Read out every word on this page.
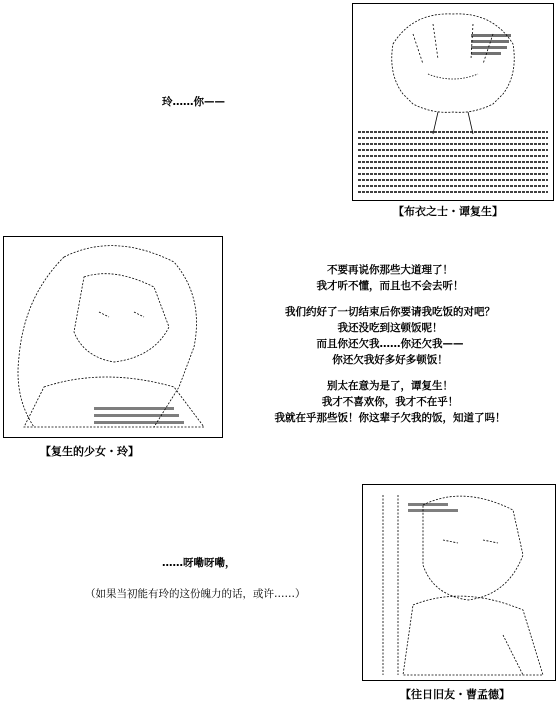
【布衣之士・谭复生】
玲……你——
【复生的少女・玲】
不要再说你那些大道理了！
我才听不懂，而且也不会去听！
我们约好了一切结束后你要请我吃饭的对吧？
我还没吃到这顿饭呢！
而且你还欠我……你还欠我——
你还欠我好多好多顿饭！
别太在意为是了，谭复生！
我才不喜欢你，我才不在乎！
我就在乎那些饭！你这辈子欠我的饭，知道了吗！
【往日旧友・曹孟德】
……呀嘞呀嘞，
（如果当初能有玲的这份魄力的话，或许……）
